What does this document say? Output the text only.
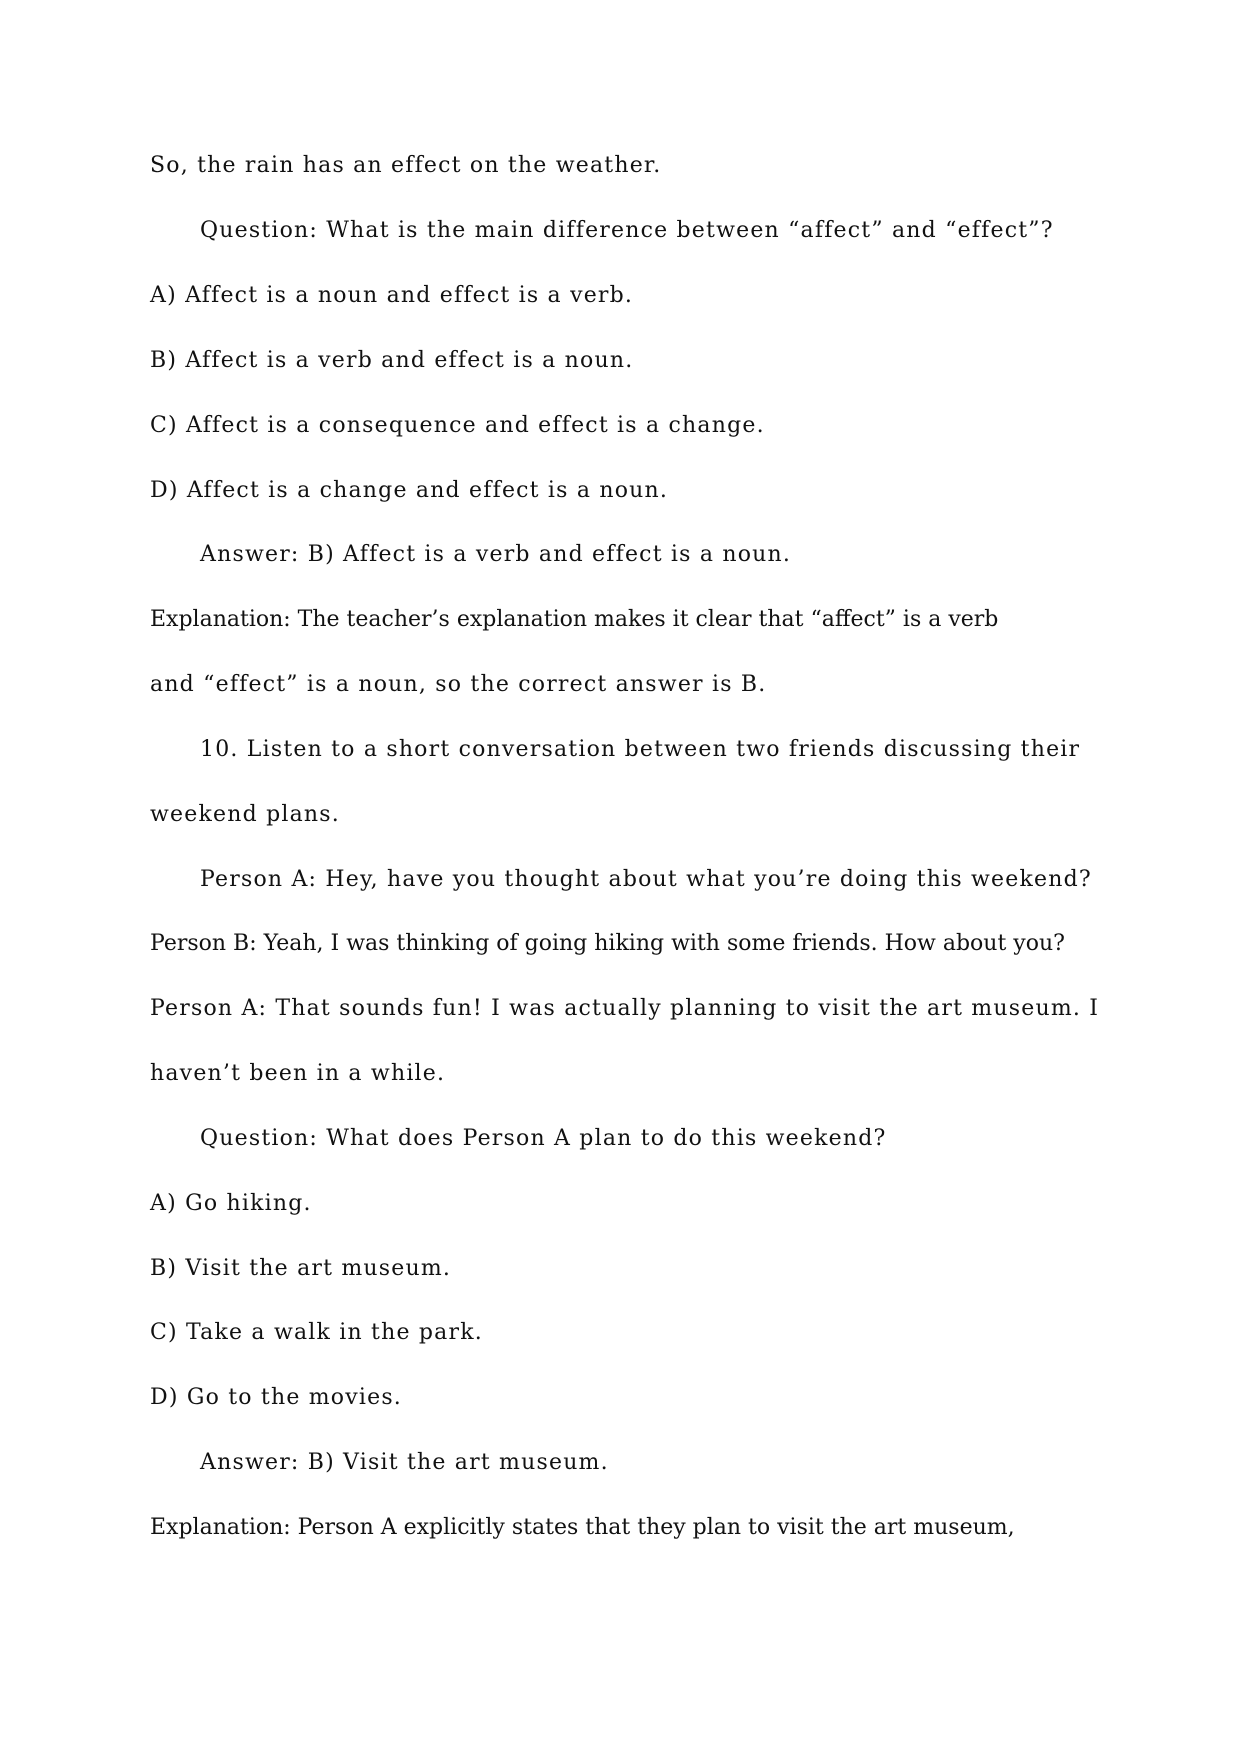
So, the rain has an effect on the weather.
Question: What is the main difference between “affect” and “effect”?
A) Affect is a noun and effect is a verb.
B) Affect is a verb and effect is a noun.
C) Affect is a consequence and effect is a change.
D) Affect is a change and effect is a noun.
Answer: B) Affect is a verb and effect is a noun.
Explanation: The teacher’s explanation makes it clear that “affect” is a verb
and “effect” is a noun, so the correct answer is B.
10. Listen to a short conversation between two friends discussing their
weekend plans.
Person A: Hey, have you thought about what you’re doing this weekend?
Person B: Yeah, I was thinking of going hiking with some friends. How about you?
Person A: That sounds fun! I was actually planning to visit the art museum. I
haven’t been in a while.
Question: What does Person A plan to do this weekend?
A) Go hiking.
B) Visit the art museum.
C) Take a walk in the park.
D) Go to the movies.
Answer: B) Visit the art museum.
Explanation: Person A explicitly states that they plan to visit the art museum,
